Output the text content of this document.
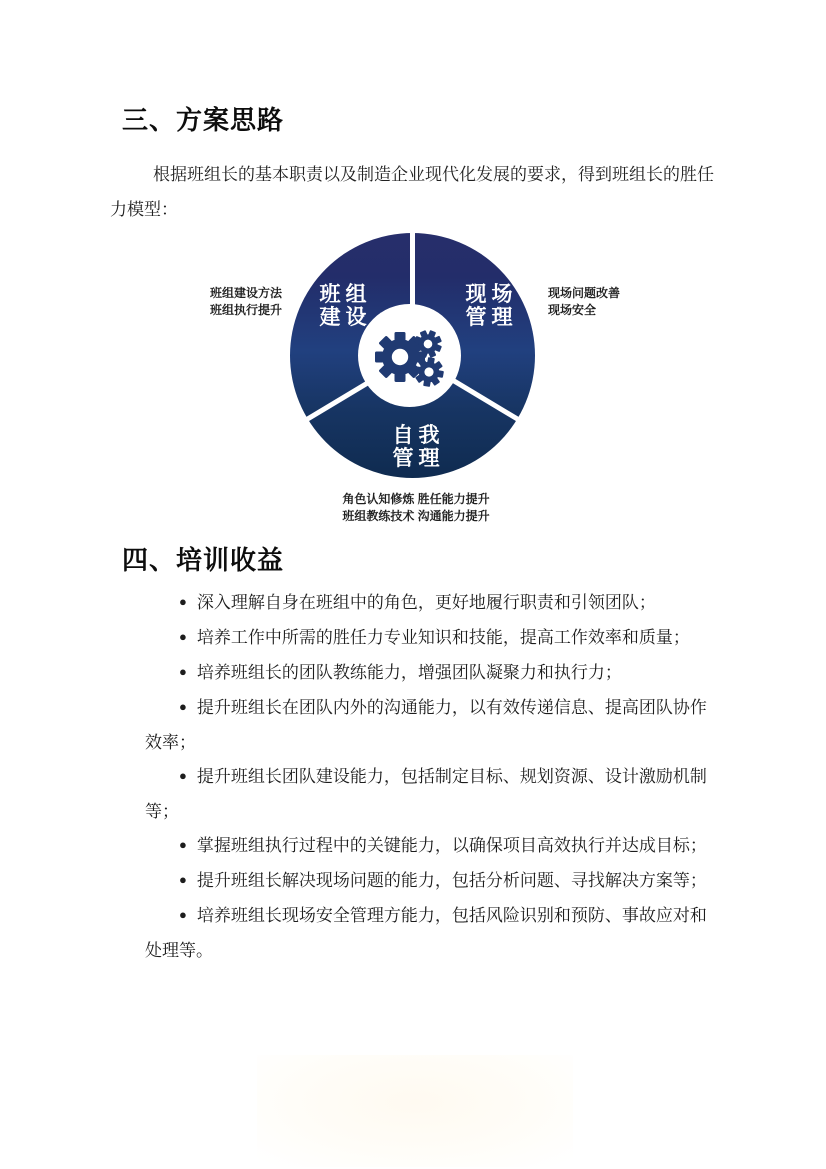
三、方案思路

根据班组长的基本职责以及制造企业现代化发展的要求，得到班组长的胜任力模型：

班组
建设
现场
管理
自我
管理
班组建设方法
班组执行提升
现场问题改善
现场安全
角色认知修炼 胜任能力提升
班组教练技术 沟通能力提升
四、培训收益

● 深入理解自身在班组中的角色，更好地履行职责和引领团队；

● 培养工作中所需的胜任力专业知识和技能，提高工作效率和质量；

● 培养班组长的团队教练能力，增强团队凝聚力和执行力；

● 提升班组长在团队内外的沟通能力，以有效传递信息、提高团队协作效率；

● 提升班组长团队建设能力，包括制定目标、规划资源、设计激励机制等；

● 掌握班组执行过程中的关键能力，以确保项目高效执行并达成目标；

● 提升班组长解决现场问题的能力，包括分析问题、寻找解决方案等；

● 培养班组长现场安全管理方能力，包括风险识别和预防、事故应对和处理等。
